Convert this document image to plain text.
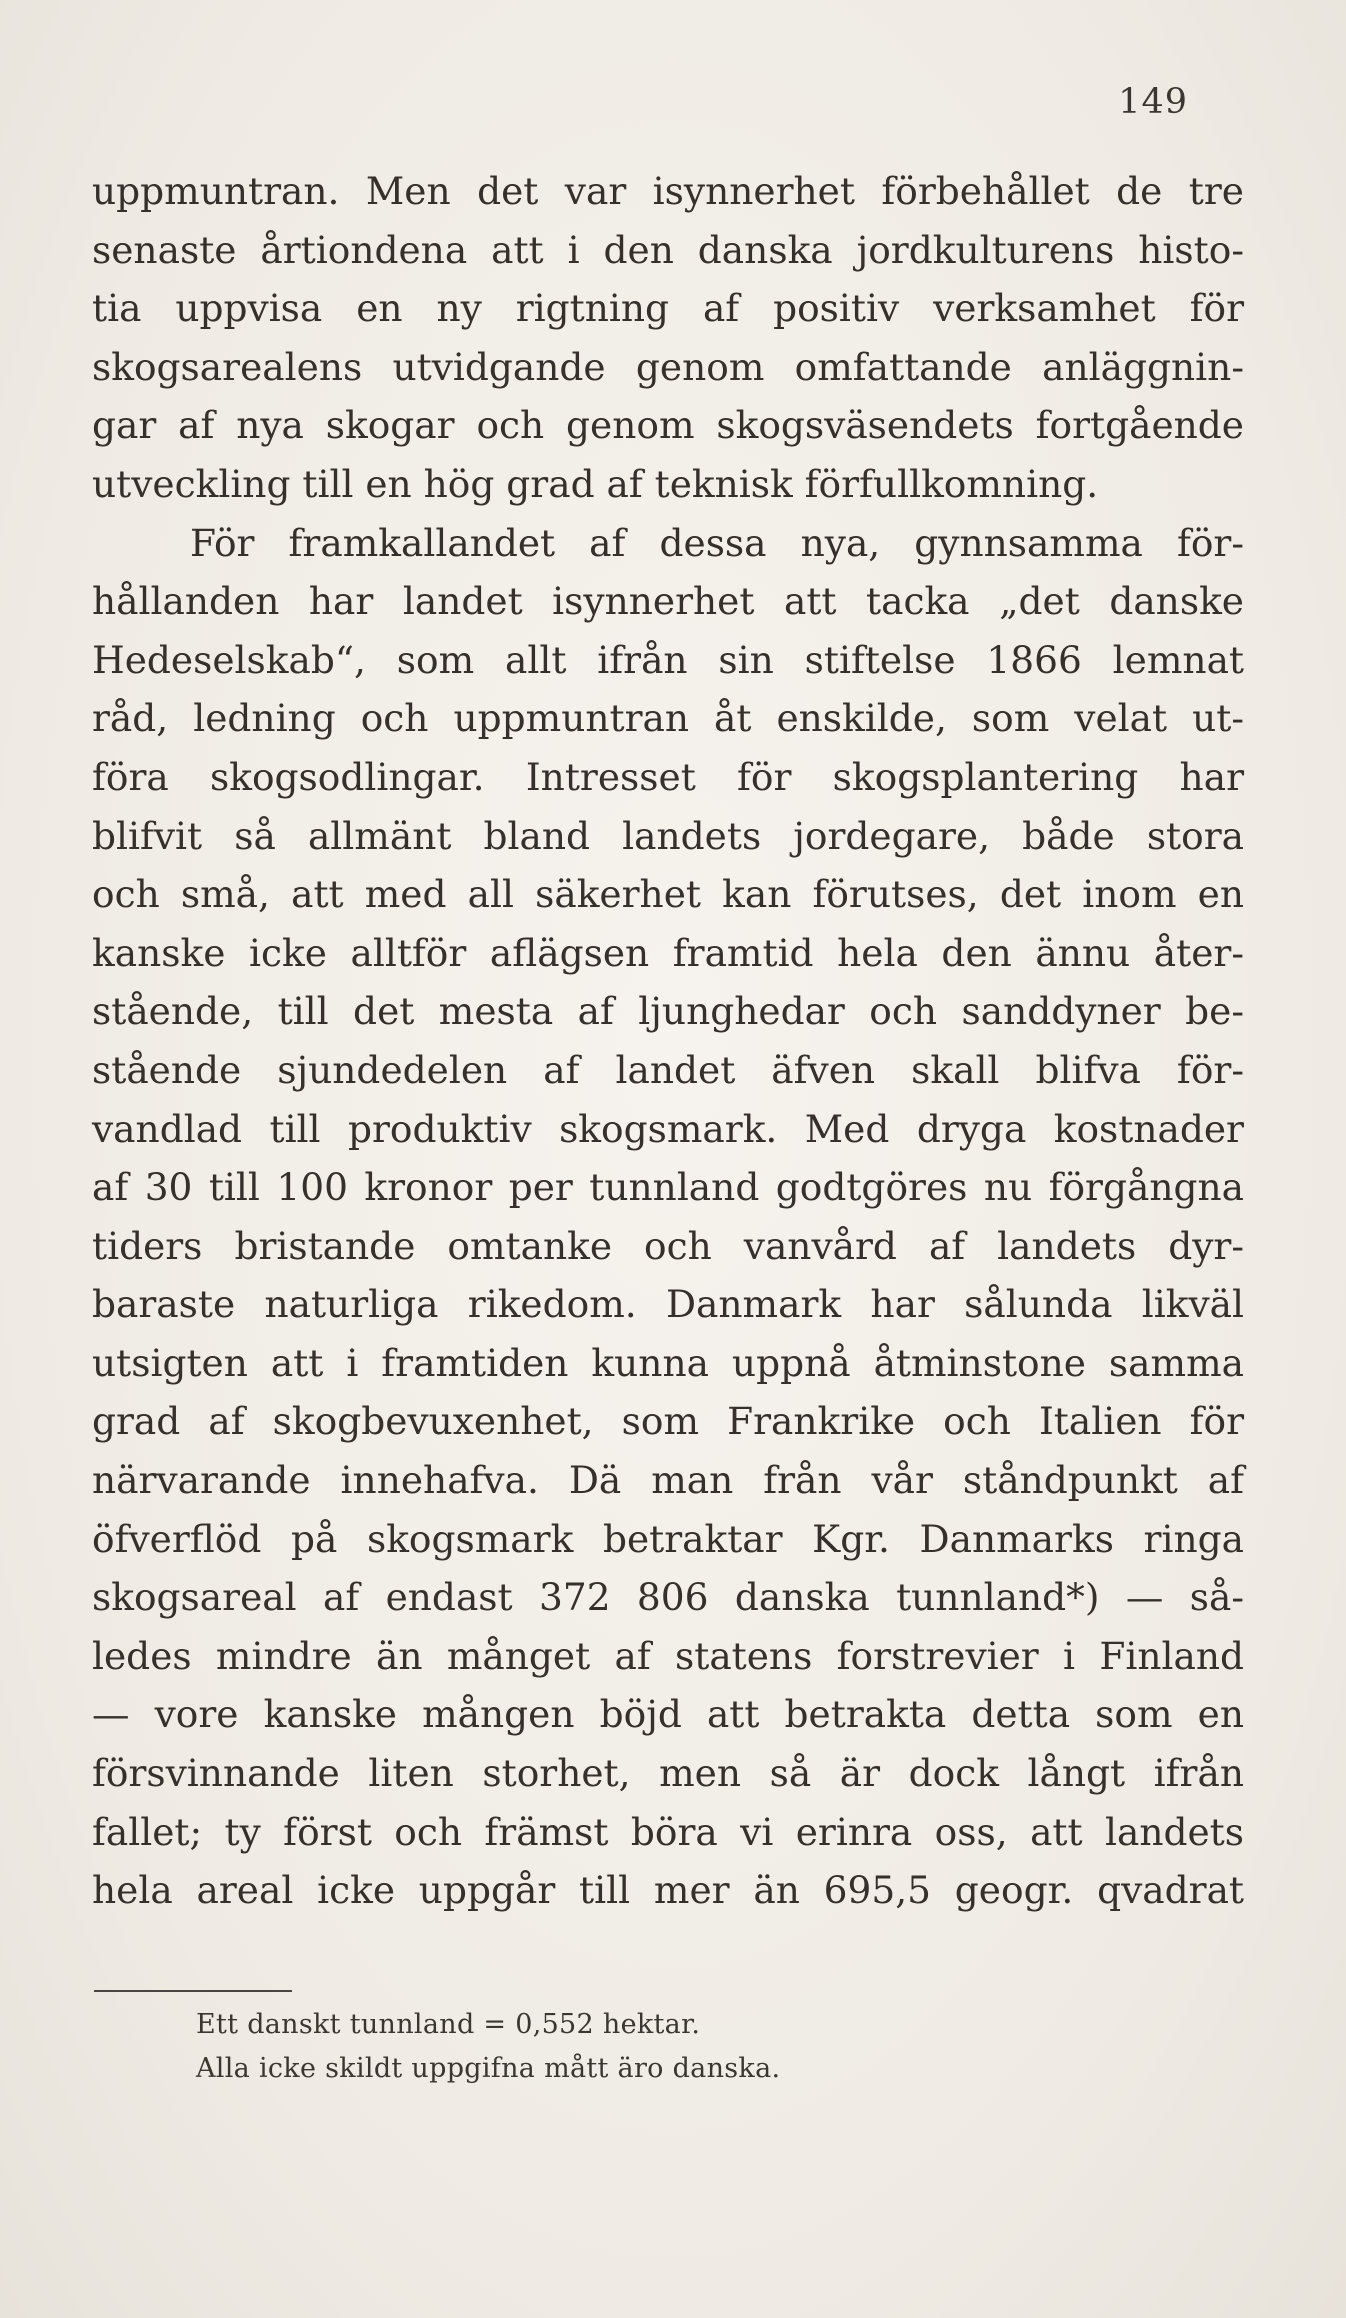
149
uppmuntran. Men det var isynnerhet förbehållet de tre
senaste årtiondena att i den danska jordkulturens histo-
tia uppvisa en ny rigtning af positiv verksamhet för
skogsarealens utvidgande genom omfattande anläggnin-
gar af nya skogar och genom skogsväsendets fortgående
utveckling till en hög grad af teknisk förfullkomning.
För framkallandet af dessa nya, gynnsamma för-
hållanden har landet isynnerhet att tacka „det danske
Hedeselskab“, som allt ifrån sin stiftelse 1866 lemnat
råd, ledning och uppmuntran åt enskilde, som velat ut-
föra skogsodlingar. Intresset för skogsplantering har
blifvit så allmänt bland landets jordegare, både stora
och små, att med all säkerhet kan förutses, det inom en
kanske icke alltför aflägsen framtid hela den ännu åter-
stående, till det mesta af ljunghedar och sanddyner be-
stående sjundedelen af landet äfven skall blifva för-
vandlad till produktiv skogsmark. Med dryga kostnader
af 30 till 100 kronor per tunnland godtgöres nu förgångna
tiders bristande omtanke och vanvård af landets dyr-
baraste naturliga rikedom. Danmark har sålunda likväl
utsigten att i framtiden kunna uppnå åtminstone samma
grad af skogbevuxenhet, som Frankrike och Italien för
närvarande innehafva. Dä man från vår ståndpunkt af
öfverflöd på skogsmark betraktar Kgr. Danmarks ringa
skogsareal af endast 372 806 danska tunnland*) — så-
ledes mindre än månget af statens forstrevier i Finland
— vore kanske mången böjd att betrakta detta som en
försvinnande liten storhet, men så är dock långt ifrån
fallet; ty först och främst böra vi erinra oss, att landets
hela areal icke uppgår till mer än 695,5 geogr. qvadrat
Ett danskt tunnland = 0,552 hektar.
Alla icke skildt uppgifna mått äro danska.
